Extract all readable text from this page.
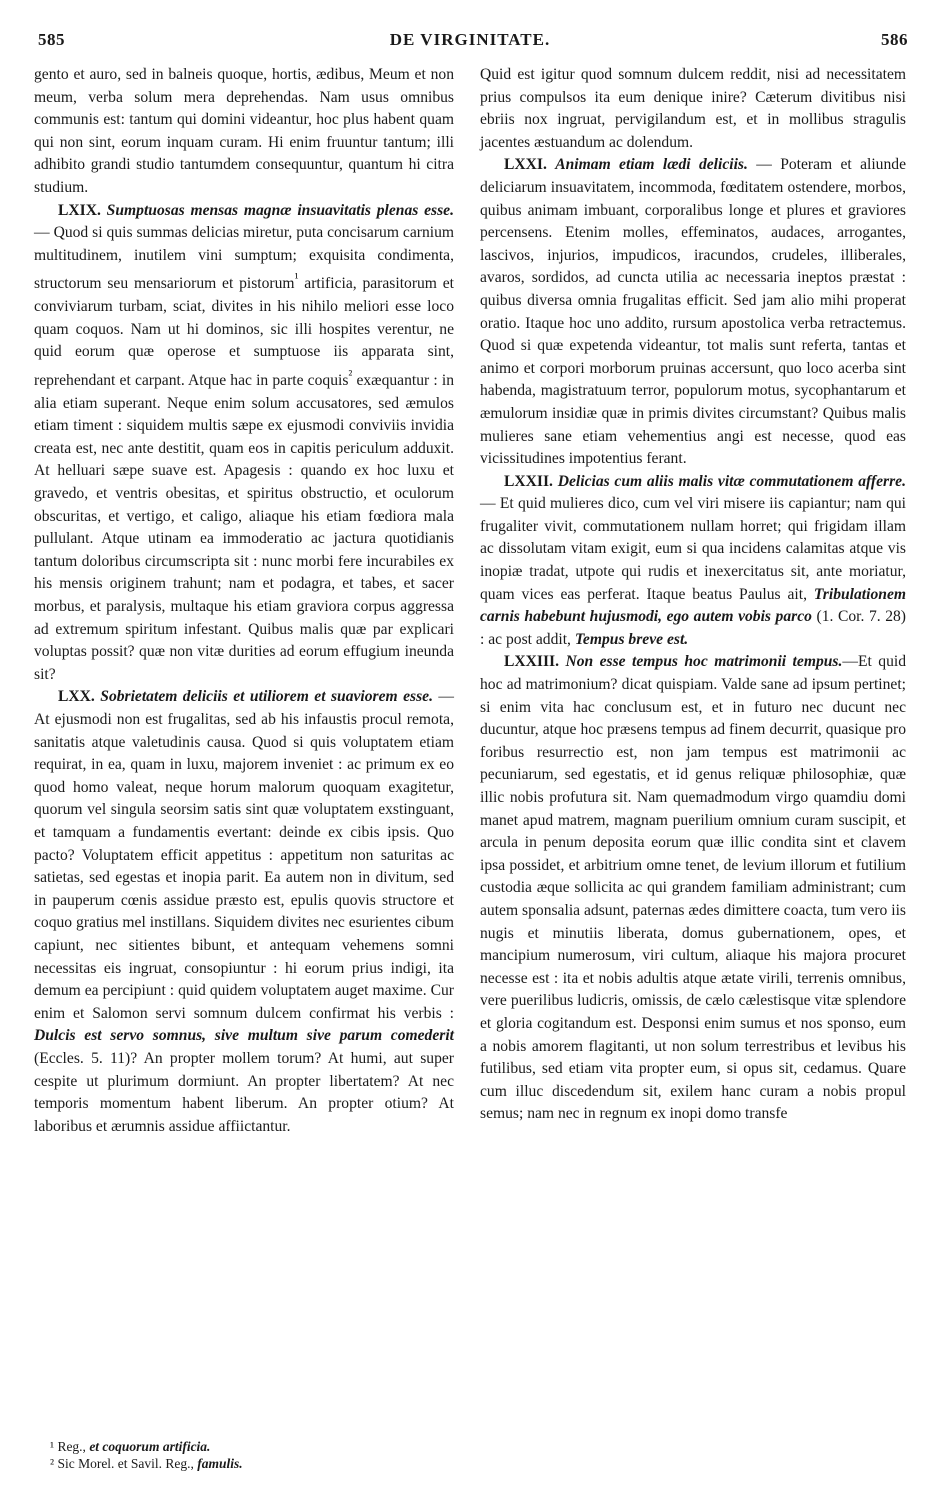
585	DE VIRGINITATE.	586

gento et auro, sed in balneis quoque, hortis, ædibus, Meum et non meum, verba solum mera deprehendas. Nam usus omnibus communis est: tantum qui domini videantur, hoc plus habent quam qui non sint, eorum inquam curam. Hi enim fruuntur tantum; illi adhibito grandi studio tantumdem consequuntur, quantum hi citra studium.

LXIX. Sumptuosas mensas magnæ insuavitatis plenas esse. — Quod si quis summas delicias miretur, puta concisarum carnium multitudinem, inutilem vini sumptum; exquisita condimenta, structorum seu mensariorum et pistorum$^{^1}$ artificia, parasitorum et conviviarum turbam, sciat, divites in his nihilo meliori esse loco quam coquos. Nam ut hi dominos, sic illi hospites verentur, ne quid eorum quæ operose et sumptuose iis apparata sint, reprehendant et carpant. Atque hac in parte coquis$^{^2}$ exæquantur : in alia etiam superant. Neque enim solum accusatores, sed æmulos etiam timent : siquidem multis sæpe ex ejusmodi conviviis invidia creata est, nec ante destitit, quam eos in capitis periculum adduxit. At helluari sæpe suave est. Apagesis : quando ex hoc luxu et gravedo, et ventris obesitas, et spiritus obstructio, et oculorum obscuritas, et vertigo, et caligo, aliaque his etiam fœdiora mala pullulant. Atque utinam ea immoderatio ac jactura quotidianis tantum doloribus circumscripta sit : nunc morbi fere incurabiles ex his mensis originem trahunt; nam et podagra, et tabes, et sacer morbus, et paralysis, multaque his etiam graviora corpus aggressa ad extremum spiritum infestant. Quibus malis quæ par explicari voluptas possit? quæ non vitæ durities ad eorum effugium ineunda sit?

LXX. Sobrietatem deliciis et utiliorem et suaviorem esse. — At ejusmodi non est frugalitas, sed ab his infaustis procul remota, sanitatis atque valetudinis causa. Quod si quis voluptatem etiam requirat, in ea, quam in luxu, majorem inveniet : ac primum ex eo quod homo valeat, neque horum malorum quoquam exagitetur, quorum vel singula seorsim satis sint quæ voluptatem exstinguant, et tamquam a fundamentis evertant: deinde ex cibis ipsis. Quo pacto? Voluptatem efficit appetitus : appetitum non saturitas ac satietas, sed egestas et inopia parit. Ea autem non in divitum, sed in pauperum cœnis assidue præsto est, epulis quovis structore et coquo gratius mel instillans. Siquidem divites nec esurientes cibum capiunt, nec sitientes bibunt, et antequam vehemens somni necessitas eis ingruat, consopiuntur : hi eorum prius indigi, ita demum ea percipiunt : quid quidem voluptatem auget maxime. Cur enim et Salomon servi somnum dulcem confirmat his verbis : Dulcis est servo somnus, sive multum sive parum comederit (Eccles. 5. 11)? An propter mollem torum? At humi, aut super cespite ut plurimum dormiunt. An propter libertatem? At nec temporis momentum habent liberum. An propter otium? At laboribus et ærumnis assidue affiictantur.

Quid est igitur quod somnum dulcem reddit, nisi ad necessitatem prius compulsos ita eum denique inire? Cæterum divitibus nisi ebriis nox ingruat, pervigilandum est, et in mollibus stragulis jacentes æstuandum ac dolendum.

LXXI. Animam etiam lædi deliciis. — Poteram et aliunde deliciarum insuavitatem, incommoda, fœditatem ostendere, morbos, quibus animam imbuant, corporalibus longe et plures et graviores percensens. Etenim molles, effeminatos, audaces, arrogantes, lascivos, injurios, impudicos, iracundos, crudeles, illiberales, avaros, sordidos, ad cuncta utilia ac necessaria ineptos præstat : quibus diversa omnia frugalitas efficit. Sed jam alio mihi properat oratio. Itaque hoc uno addito, rursum apostolica verba retractemus. Quod si quæ expetenda videantur, tot malis sunt referta, tantas et animo et corpori morborum pruinas accersunt, quo loco acerba sint habenda, magistratuum terror, populorum motus, sycophantarum et æmulorum insidiæ quæ in primis divites circumstant? Quibus malis mulieres sane etiam vehementius angi est necesse, quod eas vicissitudines impotentius ferant.

LXXII. Delicias cum aliis malis vitæ commutationem afferre. — Et quid mulieres dico, cum vel viri misere iis capiantur; nam qui frugaliter vivit, commutationem nullam horret; qui frigidam illam ac dissolutam vitam exigit, eum si qua incidens calamitas atque vis inopiæ tradat, utpote qui rudis et inexercitatus sit, ante moriatur, quam vices eas perferat. Itaque beatus Paulus ait, Tribulationem carnis habebunt hujusmodi, ego autem vobis parco (1. Cor. 7. 28) : ac post addit, Tempus breve est.

LXXIII. Non esse tempus hoc matrimonii tempus.—Et quid hoc ad matrimonium? dicat quispiam. Valde sane ad ipsum pertinet; si enim vita hac conclusum est, et in futuro nec ducunt nec ducuntur, atque hoc præsens tempus ad finem decurrit, quasique pro foribus resurrectio est, non jam tempus est matrimonii ac pecuniarum, sed egestatis, et id genus reliquæ philosophiæ, quæ illic nobis profutura sit. Nam quemadmodum virgo quamdiu domi manet apud matrem, magnam puerilium omnium curam suscipit, et arcula in penum deposita eorum quæ illic condita sint et clavem ipsa possidet, et arbitrium omne tenet, de levium illorum et futilium custodia æque sollicita ac qui grandem familiam administrant; cum autem sponsalia adsunt, paternas ædes dimittere coacta, tum vero iis nugis et minutiis liberata, domus gubernationem, opes, et mancipium numerosum, viri cultum, aliaque his majora procuret necesse est : ita et nobis adultis atque ætate virili, terrenis omnibus, vere puerilibus ludicris, omissis, de cælo cælestisque vitæ splendore et gloria cogitandum est. Desponsi enim sumus et nos sponso, eum a nobis amorem flagitanti, ut non solum terrestribus et levibus his futilibus, sed etiam vita propter eum, si opus sit, cedamus. Quare cum illuc discedendum sit, exilem hanc curam a nobis propul semus; nam nec in regnum ex inopi domo transfe

¹ Reg., et coquorum artificia.
² Sic Morel. et Savil. Reg., famulis.
